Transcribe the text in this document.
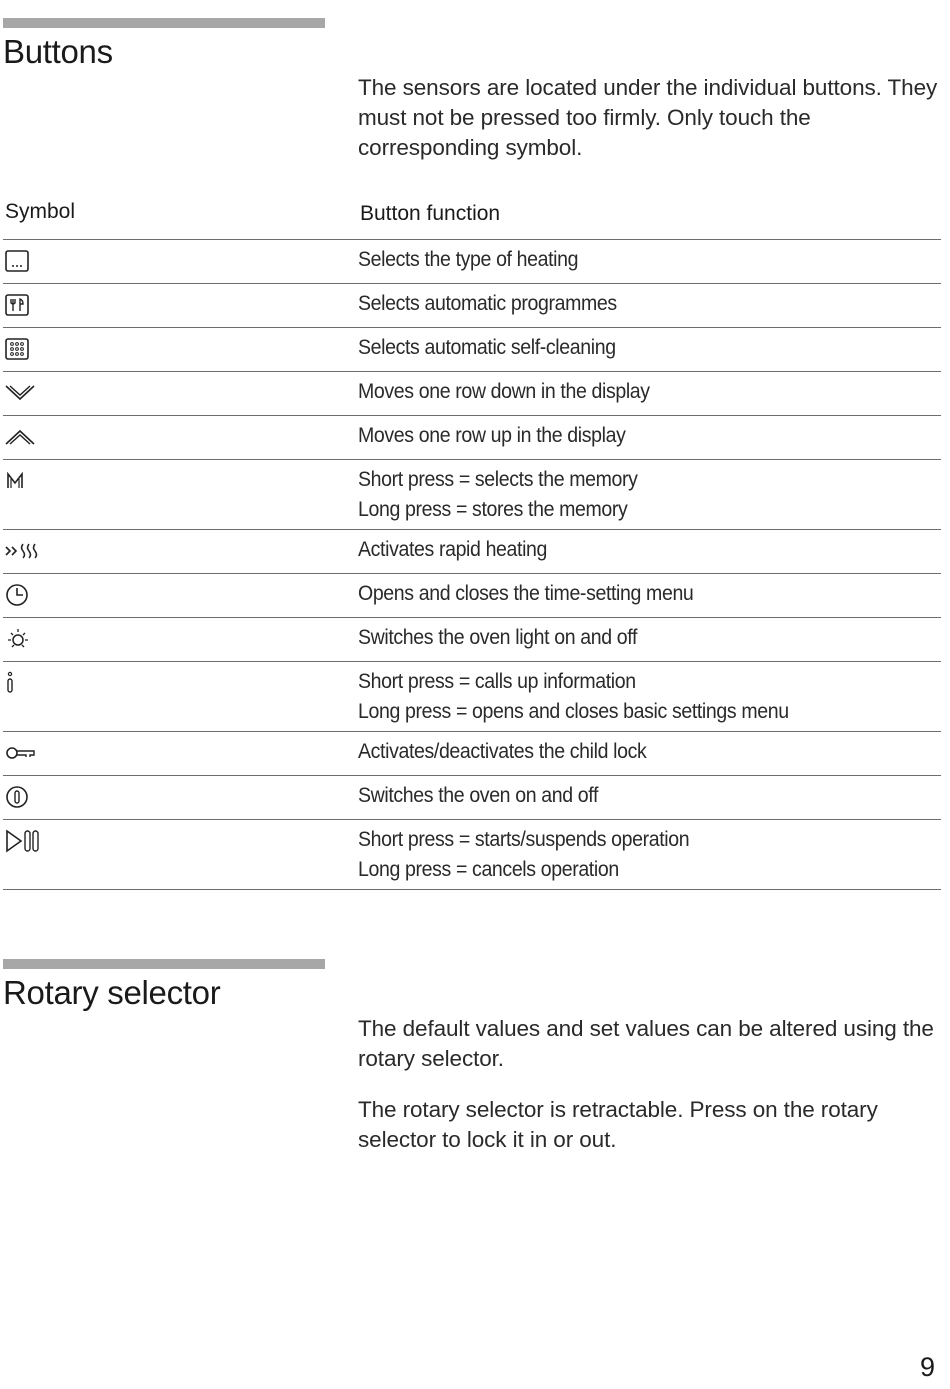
Buttons

The sensors are located under the individual buttons. They must not be pressed too firmly. Only touch the corresponding symbol.

Symbol	Button function
Selects the type of heating
Selects automatic programmes
Selects automatic self-cleaning
Moves one row down in the display
Moves one row up in the display
Short press = selects the memory
Long press = stores the memory
Activates rapid heating
Opens and closes the time-setting menu
Switches the oven light on and off
Short press = calls up information
Long press = opens and closes basic settings menu
Activates/deactivates the child lock
Switches the oven on and off
Short press = starts/suspends operation
Long press = cancels operation
Rotary selector

The default values and set values can be altered using the rotary selector.

The rotary selector is retractable. Press on the rotary selector to lock it in or out.

9
